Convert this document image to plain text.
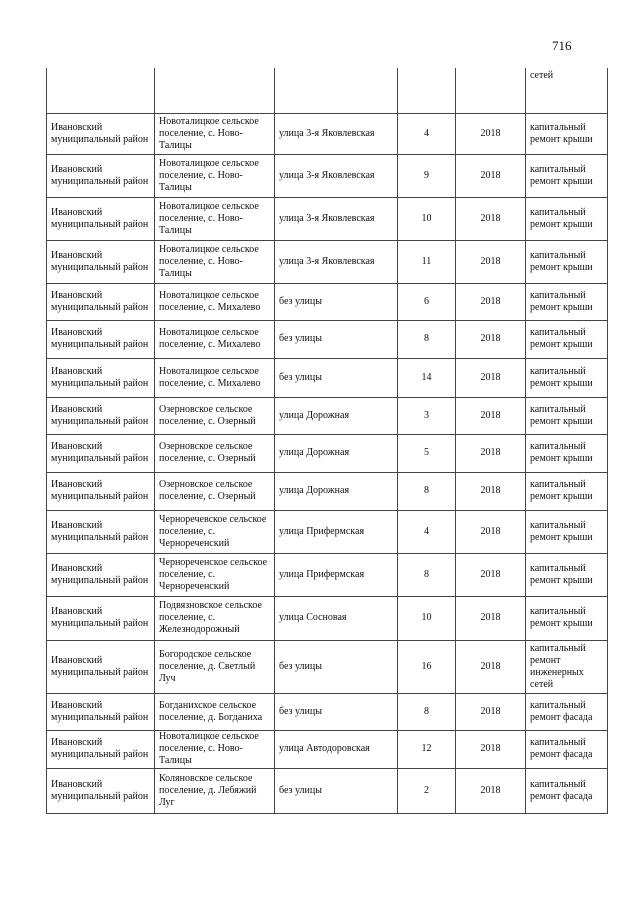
716
					сетей
Ивановский муниципальный район	Новоталицкое сельское поселение, с. Ново-Талицы	улица 3-я Яковлевская	4	2018	капитальный ремонт крыши
Ивановский муниципальный район	Новоталицкое сельское поселение, с. Ново-Талицы	улица 3-я Яковлевская	9	2018	капитальный ремонт крыши
Ивановский муниципальный район	Новоталицкое сельское поселение, с. Ново-Талицы	улица 3-я Яковлевская	10	2018	капитальный ремонт крыши
Ивановский муниципальный район	Новоталицкое сельское поселение, с. Ново-Талицы	улица 3-я Яковлевская	11	2018	капитальный ремонт крыши
Ивановский муниципальный район	Новоталицкое сельское поселение, с. Михалево	без улицы	6	2018	капитальный ремонт крыши
Ивановский муниципальный район	Новоталицкое сельское поселение, с. Михалево	без улицы	8	2018	капитальный ремонт крыши
Ивановский муниципальный район	Новоталицкое сельское поселение, с. Михалево	без улицы	14	2018	капитальный ремонт крыши
Ивановский муниципальный район	Озерновское сельское поселение, с. Озерный	улица Дорожная	3	2018	капитальный ремонт крыши
Ивановский муниципальный район	Озерновское сельское поселение, с. Озерный	улица Дорожная	5	2018	капитальный ремонт крыши
Ивановский муниципальный район	Озерновское сельское поселение, с. Озерный	улица Дорожная	8	2018	капитальный ремонт крыши
Ивановский муниципальный район	Черноречевское сельское поселение, с. Чернореченский	улица Прифермская	4	2018	капитальный ремонт крыши
Ивановский муниципальный район	Чернореченское сельское поселение, с. Чернореченский	улица Прифермская	8	2018	капитальный ремонт крыши
Ивановский муниципальный район	Подвязновское сельское поселение, с. Железнодорожный	улица Сосновая	10	2018	капитальный ремонт крыши
Ивановский муниципальный район	Богородское сельское поселение, д. Светлый Луч	без улицы	16	2018	капитальный ремонт инженерных сетей
Ивановский муниципальный район	Богданихское сельское поселение, д. Богданиха	без улицы	8	2018	капитальный ремонт фасада
Ивановский муниципальный район	Новоталицкое сельское поселение, с. Ново-Талицы	улица Автодоровская	12	2018	капитальный ремонт фасада
Ивановский муниципальный район	Коляновское сельское поселение, д. Лебяжий Луг	без улицы	2	2018	капитальный ремонт фасада
